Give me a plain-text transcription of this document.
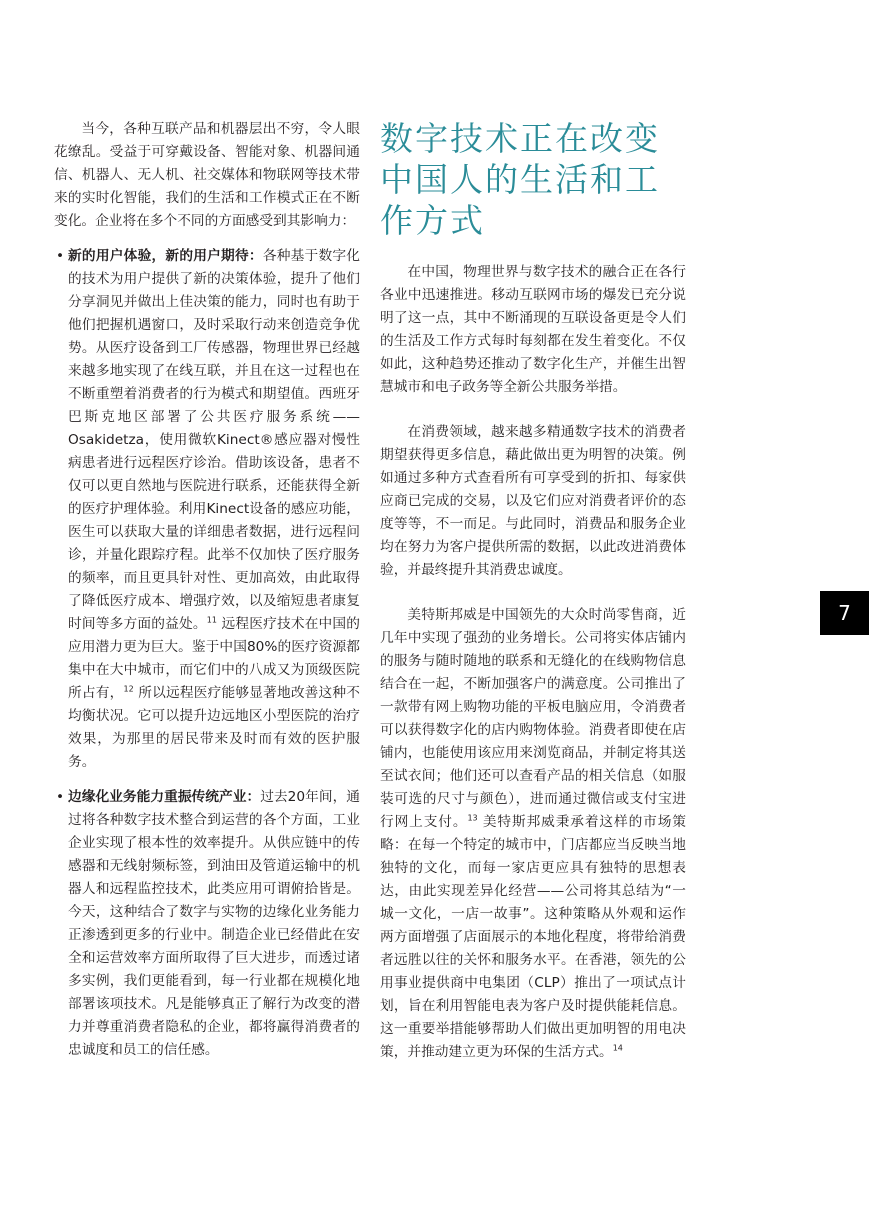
当今，各种互联产品和机器层出不穷，令人眼花缭乱。受益于可穿戴设备、智能对象、机器间通信、机器人、无人机、社交媒体和物联网等技术带来的实时化智能，我们的生活和工作模式正在不断变化。企业将在多个不同的方面感受到其影响力：

• 新的用户体验，新的用户期待：各种基于数字化的技术为用户提供了新的决策体验，提升了他们分享洞见并做出上佳决策的能力，同时也有助于他们把握机遇窗口，及时采取行动来创造竞争优势。从医疗设备到工厂传感器，物理世界已经越来越多地实现了在线互联，并且在这一过程也在不断重塑着消费者的行为模式和期望值。西班牙巴斯克地区部署了公共医疗服务系统——Osakidetza，使用微软Kinect®感应器对慢性病患者进行远程医疗诊治。借助该设备，患者不仅可以更自然地与医院进行联系，还能获得全新的医疗护理体验。利用Kinect设备的感应功能，医生可以获取大量的详细患者数据，进行远程问诊，并量化跟踪疗程。此举不仅加快了医疗服务的频率，而且更具针对性、更加高效，由此取得了降低医疗成本、增强疗效，以及缩短患者康复时间等多方面的益处。$^{11}$ 远程医疗技术在中国的应用潜力更为巨大。鉴于中国80%的医疗资源都集中在大中城市，而它们中的八成又为顶级医院所占有，$^{12}$ 所以远程医疗能够显著地改善这种不均衡状况。它可以提升边远地区小型医院的治疗效果，为那里的居民带来及时而有效的医护服务。

• 边缘化业务能力重振传统产业：过去20年间，通过将各种数字技术整合到运营的各个方面，工业企业实现了根本性的效率提升。从供应链中的传感器和无线射频标签，到油田及管道运输中的机器人和远程监控技术，此类应用可谓俯拾皆是。今天，这种结合了数字与实物的边缘化业务能力正渗透到更多的行业中。制造企业已经借此在安全和运营效率方面所取得了巨大进步，而透过诸多实例，我们更能看到，每一行业都在规模化地部署该项技术。凡是能够真正了解行为改变的潜力并尊重消费者隐私的企业，都将赢得消费者的忠诚度和员工的信任感。

数字技术正在改变中国人的生活和工作方式

在中国，物理世界与数字技术的融合正在各行各业中迅速推进。移动互联网市场的爆发已充分说明了这一点，其中不断涌现的互联设备更是令人们的生活及工作方式每时每刻都在发生着变化。不仅如此，这种趋势还推动了数字化生产，并催生出智慧城市和电子政务等全新公共服务举措。

在消费领域，越来越多精通数字技术的消费者期望获得更多信息，藉此做出更为明智的决策。例如通过多种方式查看所有可享受到的折扣、每家供应商已完成的交易，以及它们应对消费者评价的态度等等，不一而足。与此同时，消费品和服务企业均在努力为客户提供所需的数据，以此改进消费体验，并最终提升其消费忠诚度。

美特斯邦威是中国领先的大众时尚零售商，近几年中实现了强劲的业务增长。公司将实体店铺内的服务与随时随地的联系和无缝化的在线购物信息结合在一起，不断加强客户的满意度。公司推出了一款带有网上购物功能的平板电脑应用，令消费者可以获得数字化的店内购物体验。消费者即使在店铺内，也能使用该应用来浏览商品，并制定将其送至试衣间；他们还可以查看产品的相关信息（如服装可选的尺寸与颜色），进而通过微信或支付宝进行网上支付。$^{13}$ 美特斯邦威秉承着这样的市场策略：在每一个特定的城市中，门店都应当反映当地独特的文化，而每一家店更应具有独特的思想表达，由此实现差异化经营——公司将其总结为“一城一文化，一店一故事”。这种策略从外观和运作两方面增强了店面展示的本地化程度，将带给消费者远胜以往的关怀和服务水平。在香港，领先的公用事业提供商中电集团（CLP）推出了一项试点计划，旨在利用智能电表为客户及时提供能耗信息。这一重要举措能够帮助人们做出更加明智的用电决策，并推动建立更为环保的生活方式。$^{14}$

7
